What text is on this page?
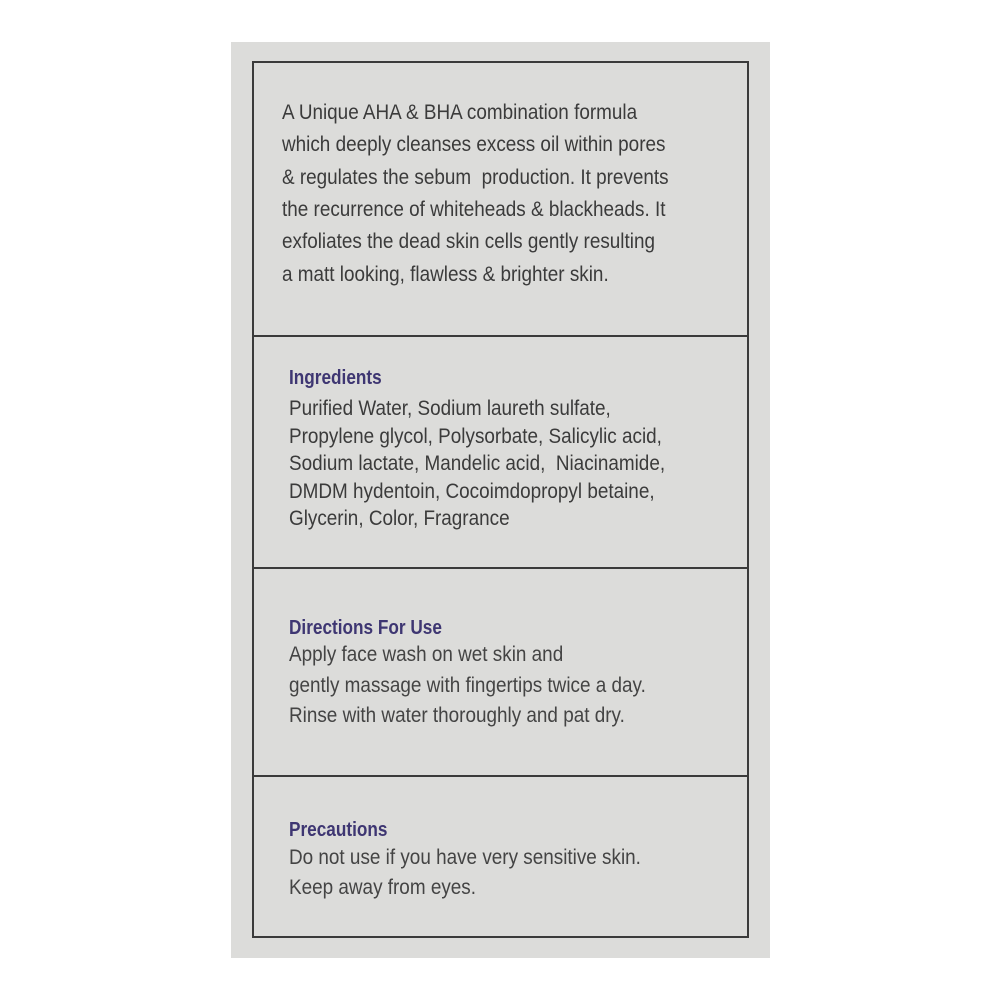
A Unique AHA & BHA combination formula
which deeply cleanses excess oil within pores
& regulates the sebum  production. It prevents
the recurrence of whiteheads & blackheads. It
exfoliates the dead skin cells gently resulting
a matt looking, flawless & brighter skin.
Ingredients
Purified Water, Sodium laureth sulfate,
Propylene glycol, Polysorbate, Salicylic acid,
Sodium lactate, Mandelic acid,  Niacinamide,
DMDM hydentoin, Cocoimdopropyl betaine,
Glycerin, Color, Fragrance
Directions For Use
Apply face wash on wet skin and
gently massage with fingertips twice a day.
Rinse with water thoroughly and pat dry.
Precautions
Do not use if you have very sensitive skin.
Keep away from eyes.
